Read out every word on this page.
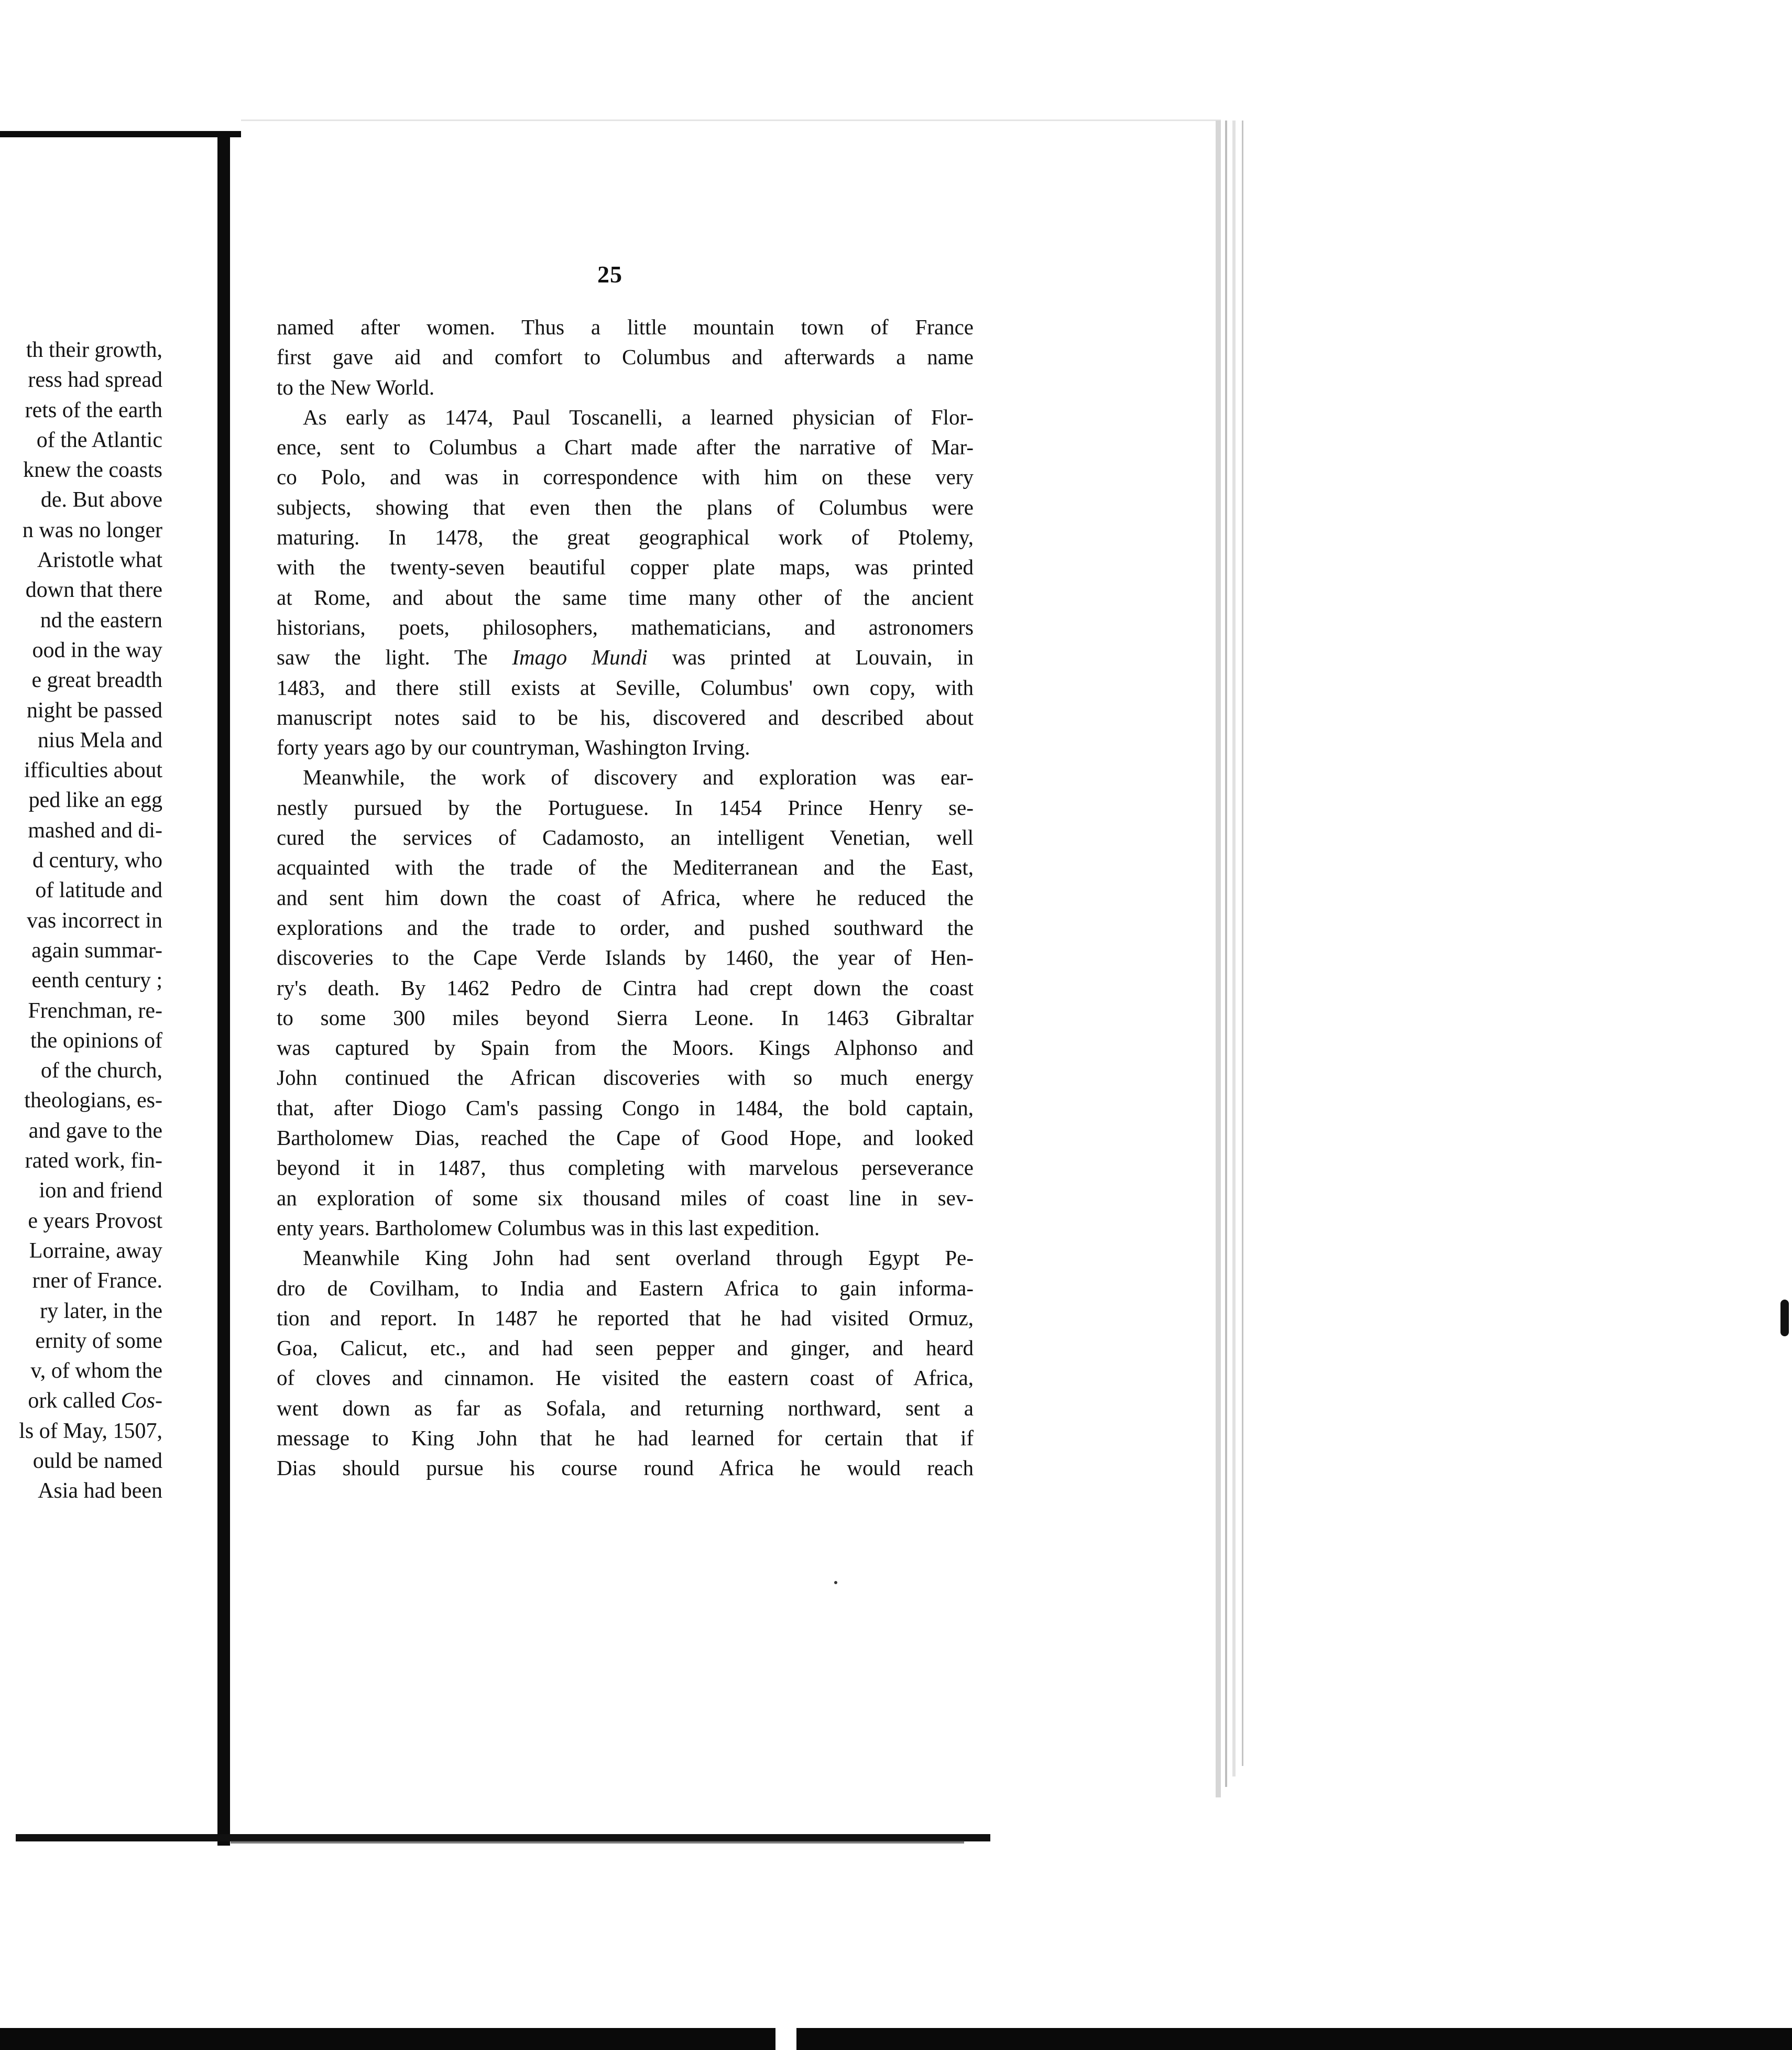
th their growth,
ress had spread
rets of the earth
of the Atlantic
knew the coasts
de. But above
n was no longer
Aristotle what
down that there
nd the eastern
ood in the way
e great breadth
night be passed
nius Mela and
ifficulties about
ped like an egg
mashed and di-
d century, who
of latitude and
vas incorrect in
again summar-
eenth century ;
Frenchman, re-
the opinions of
of the church,
theologians, es-
and gave to the
rated work, fin-
ion and friend
e years Provost
Lorraine, away
rner of France.
ry later, in the
ernity of some
v, of whom the
ork called Cos-
ls of May, 1507,
ould be named
Asia had been
25
named after women. Thus a little mountain town of France
first gave aid and comfort to Columbus and afterwards a name
to the New World.
As early as 1474, Paul Toscanelli, a learned physician of Flor-
ence, sent to Columbus a Chart made after the narrative of Mar-
co Polo, and was in correspondence with him on these very
subjects, showing that even then the plans of Columbus were
maturing. In 1478, the great geographical work of Ptolemy,
with the twenty-seven beautiful copper plate maps, was printed
at Rome, and about the same time many other of the ancient
historians, poets, philosophers, mathematicians, and astronomers
saw the light. The Imago Mundi was printed at Louvain, in
1483, and there still exists at Seville, Columbus' own copy, with
manuscript notes said to be his, discovered and described about
forty years ago by our countryman, Washington Irving.
Meanwhile, the work of discovery and exploration was ear-
nestly pursued by the Portuguese. In 1454 Prince Henry se-
cured the services of Cadamosto, an intelligent Venetian, well
acquainted with the trade of the Mediterranean and the East,
and sent him down the coast of Africa, where he reduced the
explorations and the trade to order, and pushed southward the
discoveries to the Cape Verde Islands by 1460, the year of Hen-
ry's death. By 1462 Pedro de Cintra had crept down the coast
to some 300 miles beyond Sierra Leone. In 1463 Gibraltar
was captured by Spain from the Moors. Kings Alphonso and
John continued the African discoveries with so much energy
that, after Diogo Cam's passing Congo in 1484, the bold captain,
Bartholomew Dias, reached the Cape of Good Hope, and looked
beyond it in 1487, thus completing with marvelous perseverance
an exploration of some six thousand miles of coast line in sev-
enty years. Bartholomew Columbus was in this last expedition.
Meanwhile King John had sent overland through Egypt Pe-
dro de Covilham, to India and Eastern Africa to gain informa-
tion and report. In 1487 he reported that he had visited Ormuz,
Goa, Calicut, etc., and had seen pepper and ginger, and heard
of cloves and cinnamon. He visited the eastern coast of Africa,
went down as far as Sofala, and returning northward, sent a
message to King John that he had learned for certain that if
Dias should pursue his course round Africa he would reach
